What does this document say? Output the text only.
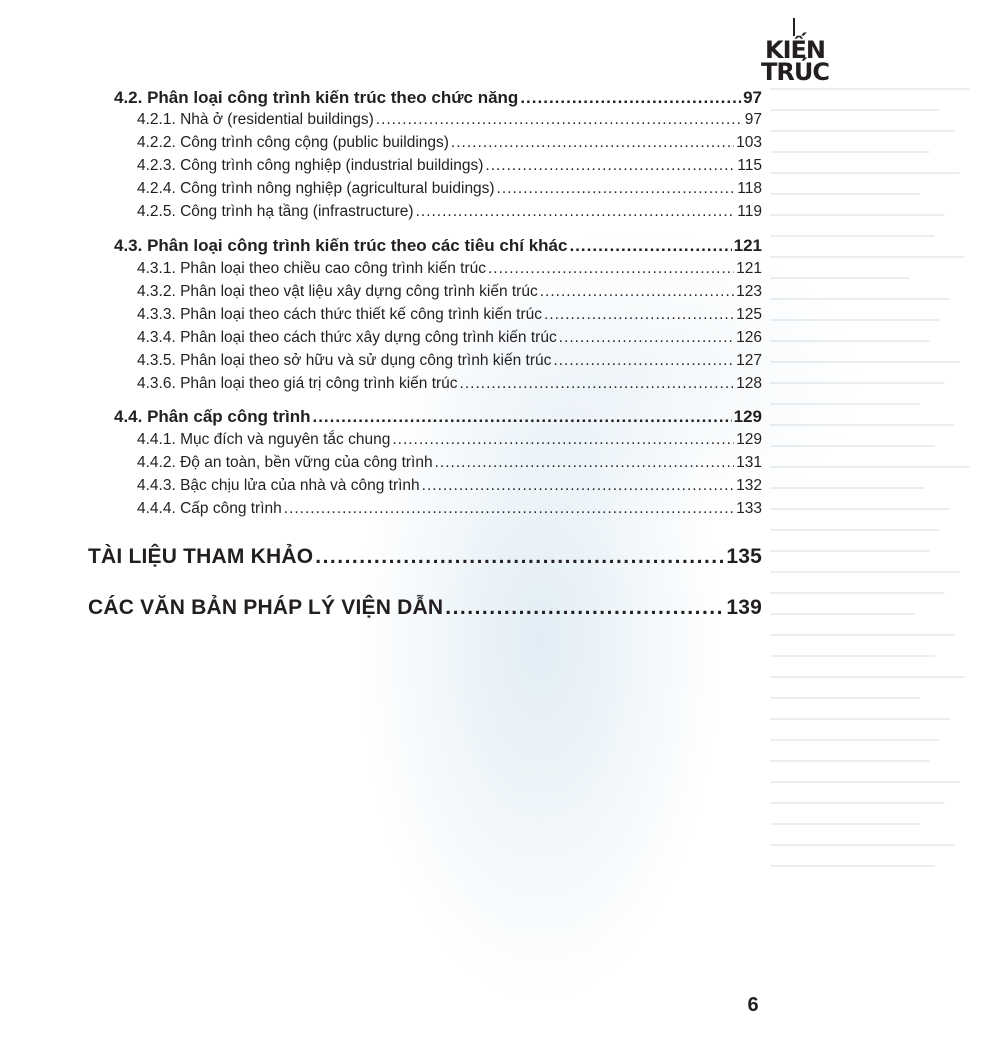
KIẾN
TRÚC
4.2. Phân loại công trình kiến trúc theo chức năng .....	97
4.2.1. Nhà ở (residential buildings) .....	97
4.2.2. Công trình công cộng (public buildings) .....	103
4.2.3. Công trình công nghiệp (industrial buildings) .....	115
4.2.4. Công trình nông nghiệp (agricultural buidings) .....	118
4.2.5. Công trình hạ tầng (infrastructure) .....	119
4.3. Phân loại công trình kiến trúc theo các tiêu chí khác .....	121
4.3.1. Phân loại theo chiều cao công trình kiến trúc .....	121
4.3.2. Phân loại theo vật liệu xây dựng công trình kiến trúc .....	123
4.3.3. Phân loại theo cách thức thiết kế công trình kiến trúc .....	125
4.3.4. Phân loại theo cách thức xây dựng công trình kiến trúc .....	126
4.3.5. Phân loại theo sở hữu và sử dụng công trình kiến trúc .....	127
4.3.6. Phân loại theo giá trị công trình kiến trúc .....	128
4.4. Phân cấp công trình .....	129
4.4.1. Mục đích và nguyên tắc chung .....	129
4.4.2. Độ an toàn, bền vững của công trình .....	131
4.4.3. Bậc chịu lửa của nhà và công trình .....	132
4.4.4. Cấp công trình .....	133
TÀI LIỆU THAM KHẢO .....	135
CÁC VĂN BẢN PHÁP LÝ VIỆN DẪN .....	139
6
